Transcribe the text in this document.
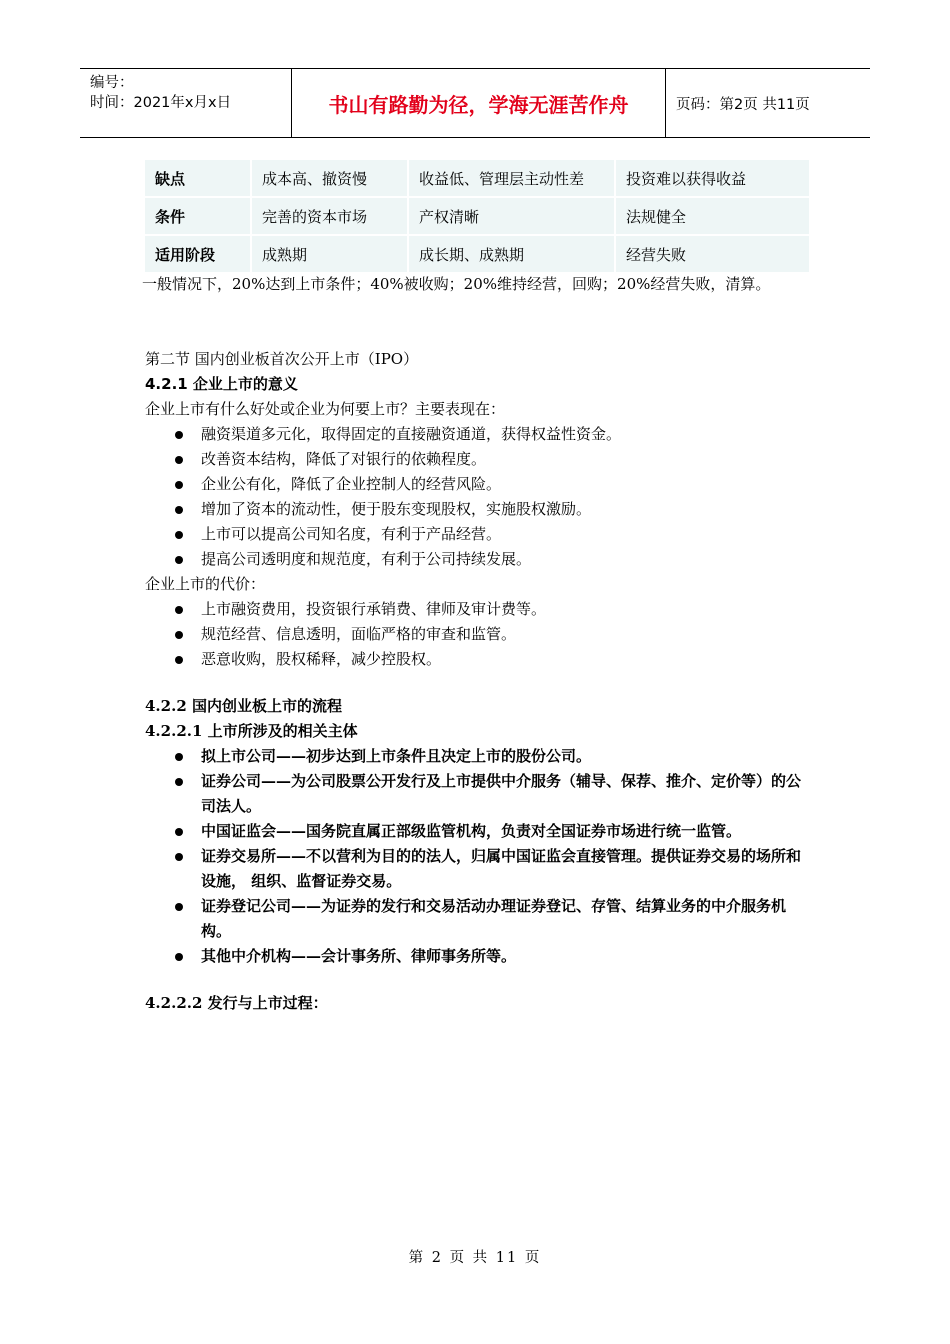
编号：
时间：2021年x月x日	书山有路勤为径，学海无涯苦作舟	页码：第2页 共11页
缺点	成本高、撤资慢	收益低、管理层主动性差	投资难以获得收益
条件	完善的资本市场	产权清晰	法规健全
适用阶段	成熟期	成长期、成熟期	经营失败
一般情况下，20%达到上市条件；40%被收购；20%维持经营，回购；20%经营失败，清算。
第二节 国内创业板首次公开上市（IPO）
4.2.1 企业上市的意义
企业上市有什么好处或企业为何要上市？主要表现在：
融资渠道多元化，取得固定的直接融资通道，获得权益性资金。
改善资本结构，降低了对银行的依赖程度。
企业公有化，降低了企业控制人的经营风险。
增加了资本的流动性，便于股东变现股权，实施股权激励。
上市可以提高公司知名度，有利于产品经营。
提高公司透明度和规范度，有利于公司持续发展。
企业上市的代价：
上市融资费用，投资银行承销费、律师及审计费等。
规范经营、信息透明，面临严格的审查和监管。
恶意收购，股权稀释，减少控股权。
4.2.2 国内创业板上市的流程
4.2.2.1 上市所涉及的相关主体
拟上市公司——初步达到上市条件且决定上市的股份公司。
证券公司——为公司股票公开发行及上市提供中介服务（辅导、保荐、推介、定价等）的公司法人。
中国证监会——国务院直属正部级监管机构，负责对全国证券市场进行统一监管。
证券交易所——不以营利为目的的法人，归属中国证监会直接管理。提供证券交易的场所和设施， 组织、监督证券交易。
证券登记公司——为证券的发行和交易活动办理证券登记、存管、结算业务的中介服务机构。
其他中介机构——会计事务所、律师事务所等。
4.2.2.2 发行与上市过程：
第 2 页 共 11 页
